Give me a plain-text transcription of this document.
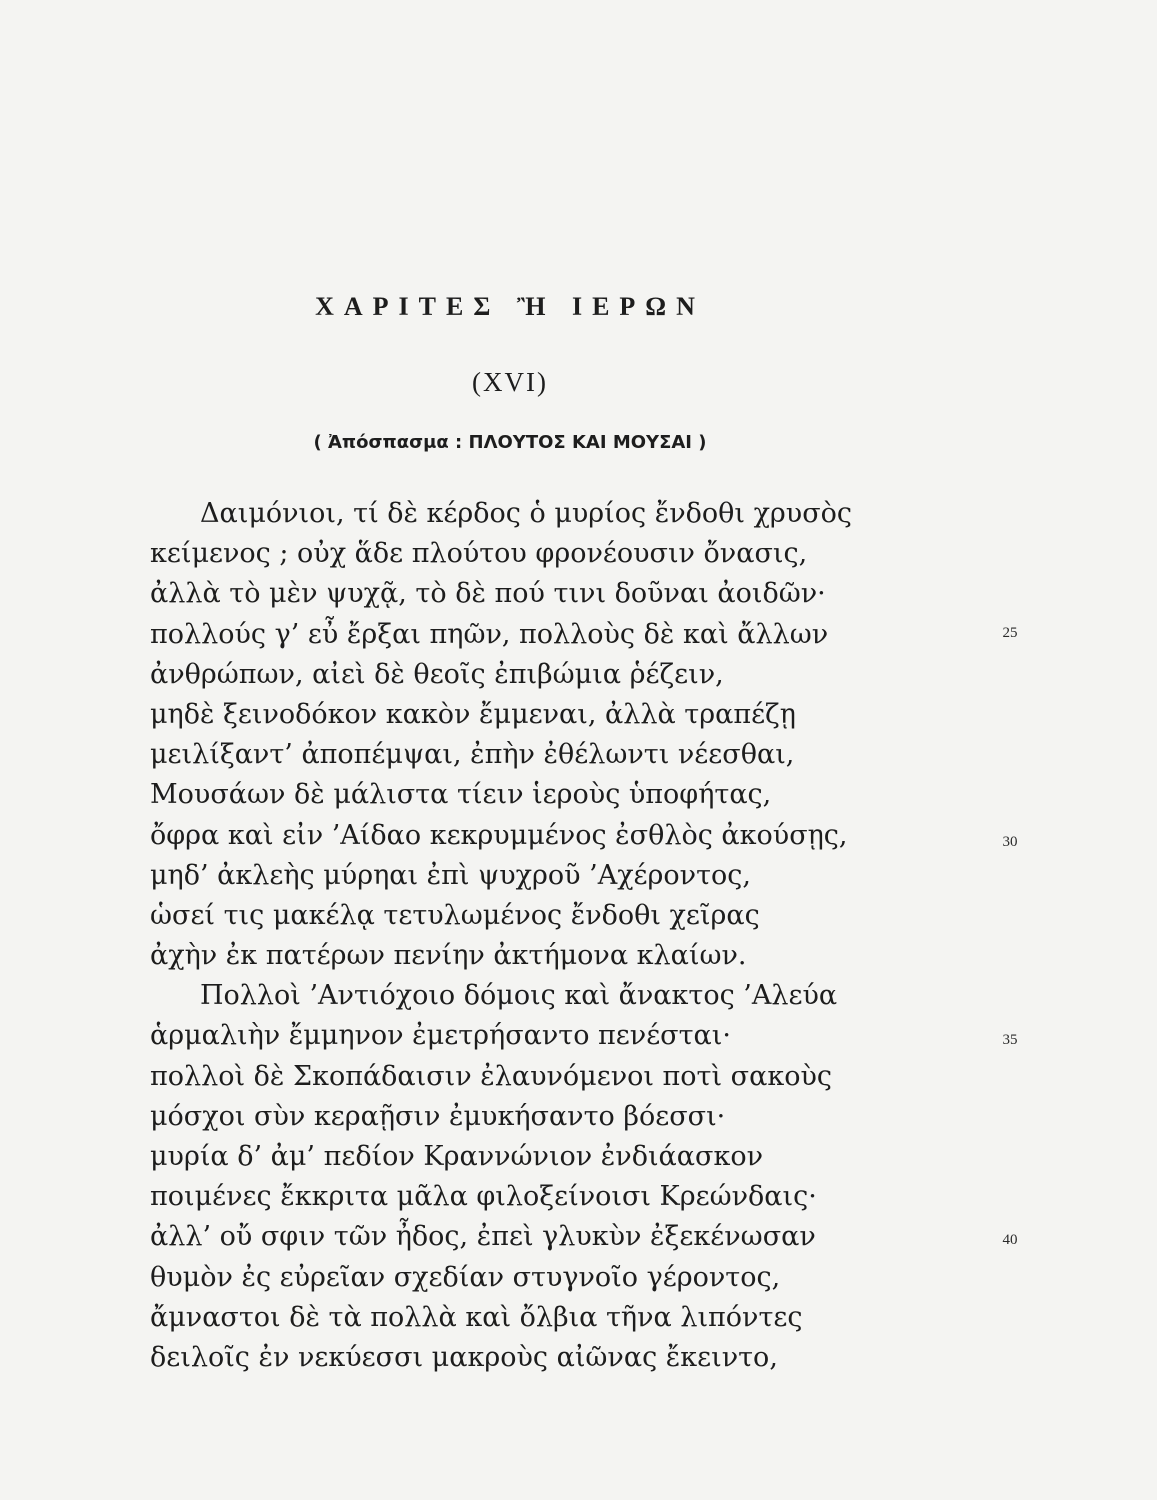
ΧΑΡΙΤΕΣ Ἢ ΙΕΡΩΝ
(XVI)
( Ἀπόσπασμα : ΠΛΟΥΤΟΣ ΚΑΙ ΜΟΥΣΑΙ )
Δαιμόνιοι, τί δὲ κέρδος ὁ μυρίος ἔνδοθι χρυσὸς
κείμενος ; οὐχ ἅδε πλούτου φρονέουσιν ὄνασις,
ἀλλὰ τὸ μὲν ψυχᾷ, τὸ δὲ πού τινι δοῦναι ἀοιδῶν·
πολλούς γ’ εὖ ἔρξαι πηῶν, πολλοὺς δὲ καὶ ἄλλων
ἀνθρώπων, αἰεὶ δὲ θεοῖς ἐπιβώμια ῥέζειν,
μηδὲ ξεινοδόκον κακὸν ἔμμεναι, ἀλλὰ τραπέζῃ
μειλίξαντ’ ἀποπέμψαι, ἐπὴν ἐθέλωντι νέεσθαι,
Μουσάων δὲ μάλιστα τίειν ἱεροὺς ὑποφήτας,
ὄφρα καὶ εἰν ’Αίδαο κεκρυμμένος ἐσθλὸς ἀκούσῃς,
μηδ’ ἀκλεὴς μύρηαι ἐπὶ ψυχροῦ ’Αχέροντος,
ὡσεί τις μακέλᾳ τετυλωμένος ἔνδοθι χεῖρας
ἀχὴν ἐκ πατέρων πενίην ἀκτήμονα κλαίων.
Πολλοὶ ’Αντιόχοιο δόμοις καὶ ἄνακτος ’Αλεύα
ἁρμαλιὴν ἔμμηνον ἐμετρήσαντο πενέσται·
πολλοὶ δὲ Σκοπάδαισιν ἐλαυνόμενοι ποτὶ σακοὺς
μόσχοι σὺν κεραῇσιν ἐμυκήσαντο βόεσσι·
μυρία δ’ ἀμ’ πεδίον Κραννώνιον ἐνδιάασκον
ποιμένες ἔκκριτα μᾶλα φιλοξείνοισι Κρεώνδαις·
ἀλλ’ οὔ σφιν τῶν ἦδος, ἐπεὶ γλυκὺν ἐξεκένωσαν
θυμὸν ἐς εὐρεῖαν σχεδίαν στυγνοῖο γέροντος,
ἄμναστοι δὲ τὰ πολλὰ καὶ ὄλβια τῆνα λιπόντες
δειλοῖς ἐν νεκύεσσι μακροὺς αἰῶνας ἔκειντο,
25
30
35
40
